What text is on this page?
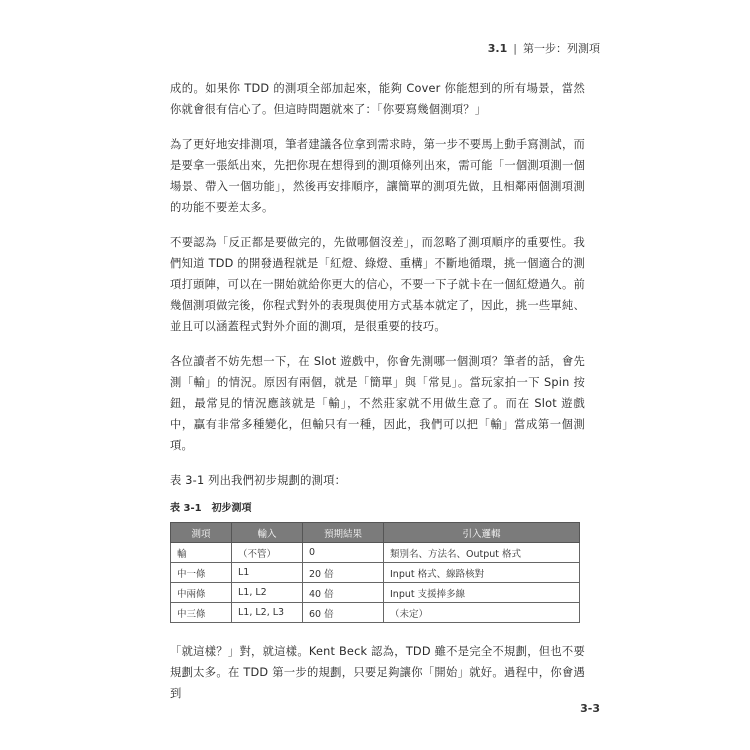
3.1 | 第一步：列測項

成的。如果你 TDD 的測項全部加起來，能夠 Cover 你能想到的所有場景，當然你就會很有信心了。但這時問題就來了：「你要寫幾個測項？」

為了更好地安排測項，筆者建議各位拿到需求時，第一步不要馬上動手寫測試，而是要拿一張紙出來，先把你現在想得到的測項條列出來，需可能「一個測項測一個場景、帶入一個功能」，然後再安排順序，讓簡單的測項先做，且相鄰兩個測項測的功能不要差太多。

不要認為「反正都是要做完的，先做哪個沒差」，而忽略了測項順序的重要性。我們知道 TDD 的開發過程就是「紅燈、綠燈、重構」不斷地循環，挑一個適合的測項打頭陣，可以在一開始就給你更大的信心，不要一下子就卡在一個紅燈過久。前幾個測項做完後，你程式對外的表現與使用方式基本就定了，因此，挑一些單純、並且可以涵蓋程式對外介面的測項，是很重要的技巧。

各位讀者不妨先想一下，在 Slot 遊戲中，你會先測哪一個測項？筆者的話，會先測「輸」的情況。原因有兩個，就是「簡單」與「常見」。當玩家拍一下 Spin 按鈕，最常見的情況應該就是「輸」，不然莊家就不用做生意了。而在 Slot 遊戲中，贏有非常多種變化，但輸只有一種，因此，我們可以把「輸」當成第一個測項。

表 3-1 列出我們初步規劃的測項：

表 3-1 初步測項
測項	輸入	預期結果	引入邏輯
輸	（不管）	0	類別名、方法名、Output 格式
中一條	L1	20 倍	Input 格式、線路核對
中兩條	L1, L2	40 倍	Input 支援捧多線
中三條	L1, L2, L3	60 倍	（未定）

「就這樣？」對，就這樣。Kent Beck 認為，TDD 雖不是完全不規劃，但也不要規劃太多。在 TDD 第一步的規劃，只要足夠讓你「開始」就好。過程中，你會遇到

3-3
